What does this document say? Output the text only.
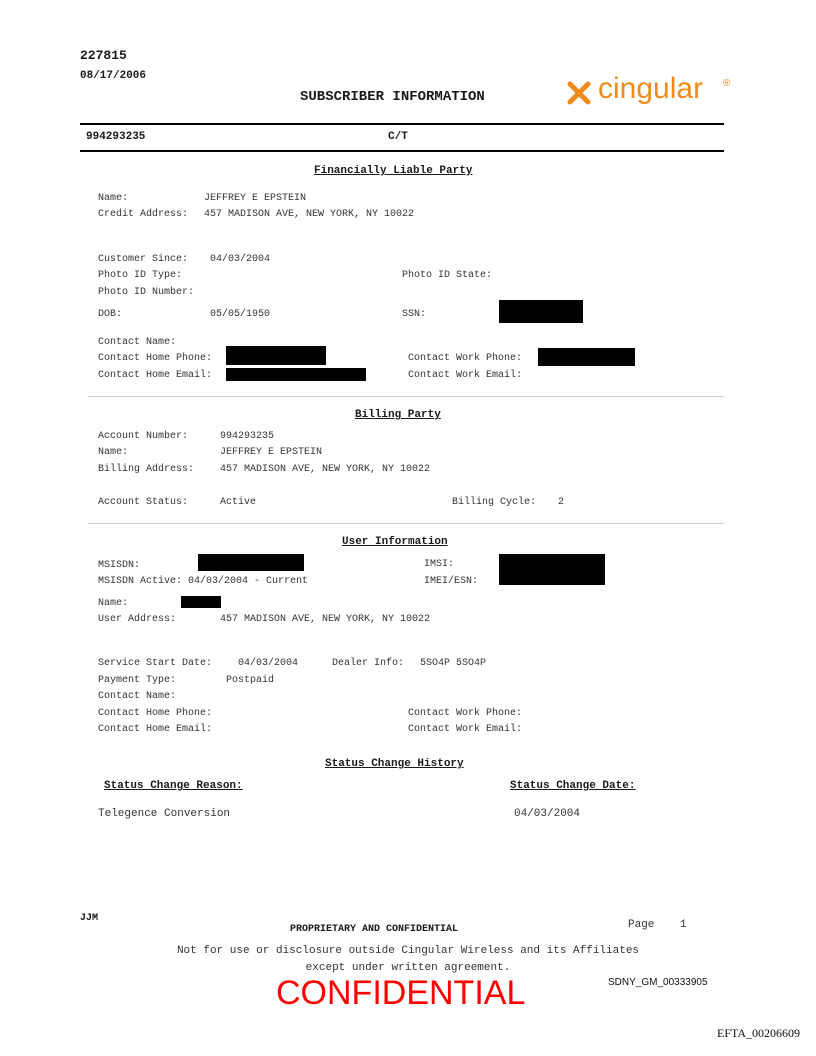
227815
08/17/2006
SUBSCRIBER INFORMATION	cingular ®
994293235	C/T
Financially Liable Party
Name:	JEFFREY E EPSTEIN
Credit Address: 457 MADISON AVE, NEW YORK, NY 10022
Customer Since: 04/03/2004
Photo ID Type:	Photo ID State:
Photo ID Number:
DOB:	05/05/1950	SSN:
Contact Name:
Contact Home Phone:	Contact Work Phone:
Contact Home Email:	Contact Work Email:
Billing Party
Account Number:	994293235
Name:	JEFFREY E EPSTEIN
Billing Address:	457 MADISON AVE, NEW YORK, NY 10022
Account Status:	Active	Billing Cycle: 2
User Information
MSISDN:	IMSI:
MSISDN Active: 04/03/2004 - Current	IMEI/ESN:
Name:
User Address:	457 MADISON AVE, NEW YORK, NY 10022
Service Start Date:	04/03/2004	Dealer Info: 5SO4P 5SO4P
Payment Type:	Postpaid
Contact Name:
Contact Home Phone:	Contact Work Phone:
Contact Home Email:	Contact Work Email:
Status Change History
Status Change Reason:	Status Change Date:
Telegence Conversion	04/03/2004
JJM
PROPRIETARY AND CONFIDENTIAL	Page 1
Not for use or disclosure outside Cingular Wireless and its Affiliates
except under written agreement.
CONFIDENTIAL	SDNY_GM_00333905
EFTA_00206609
